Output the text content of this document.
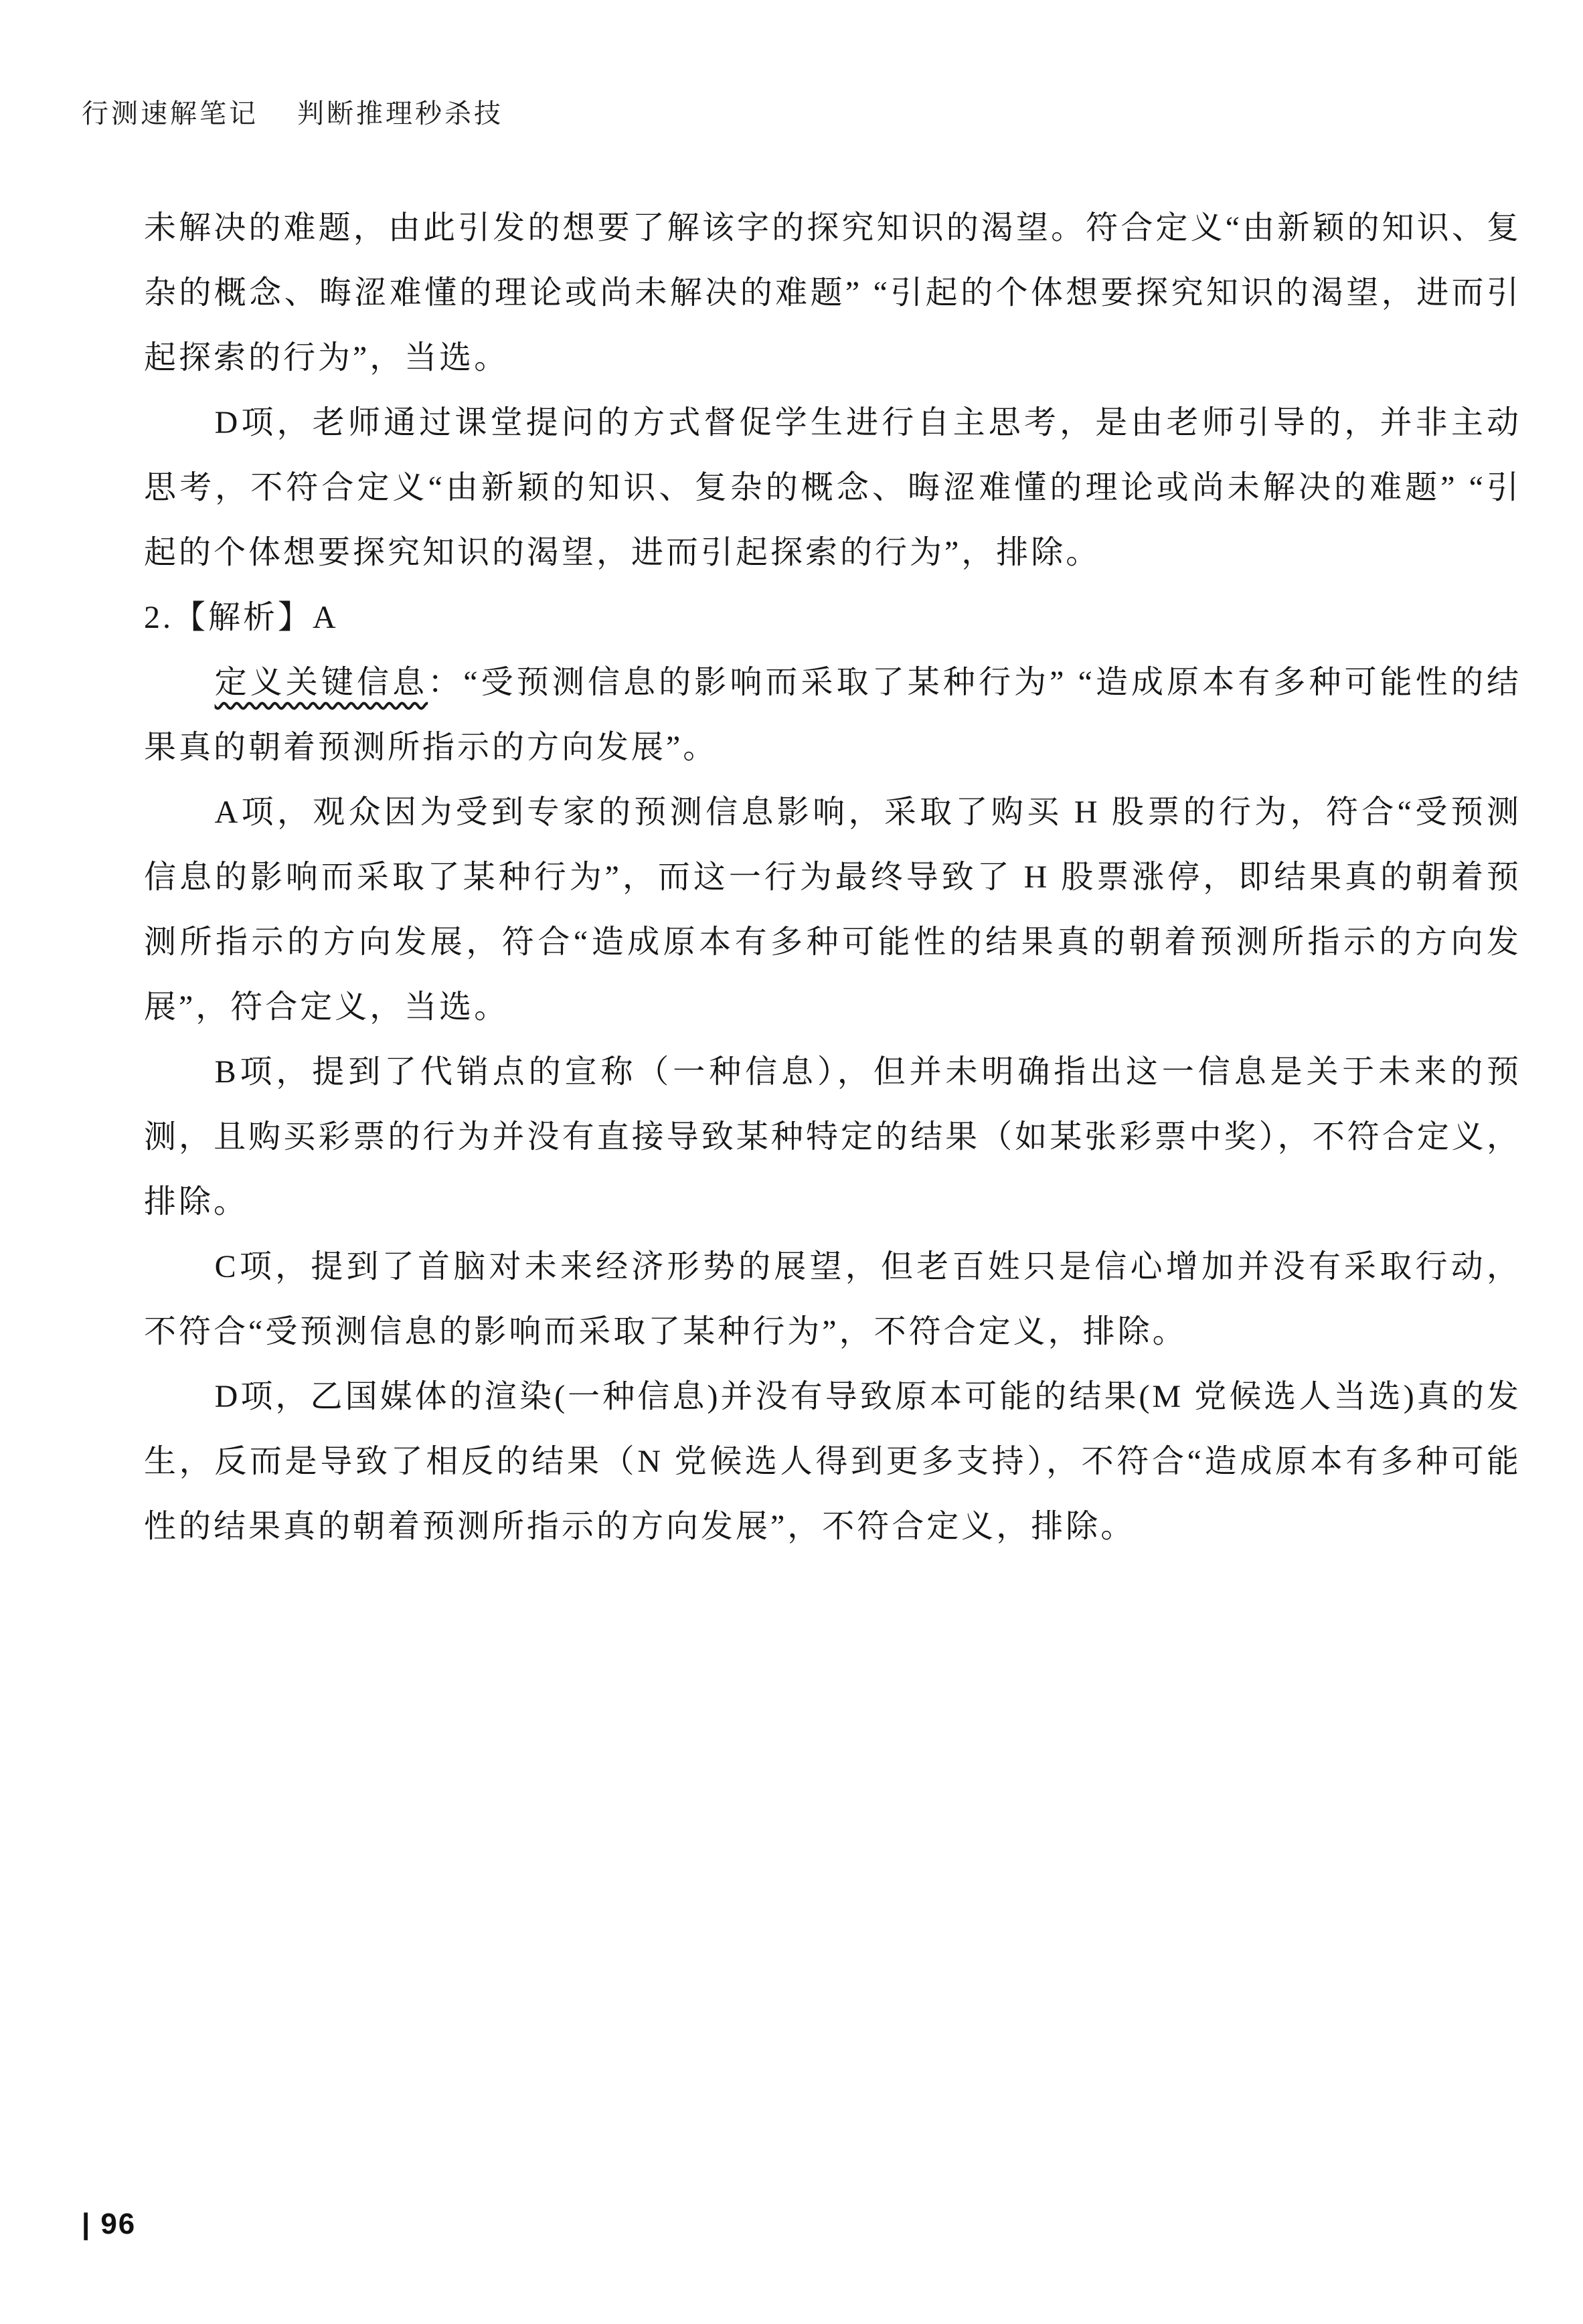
行测速解笔记 判断推理秒杀技

未解决的难题，由此引发的想要了解该字的探究知识的渴望。符合定义“由新颖的知识、复杂的概念、晦涩难懂的理论或尚未解决的难题” “引起的个体想要探究知识的渴望，进而引起探索的行为”，当选。

D项，老师通过课堂提问的方式督促学生进行自主思考，是由老师引导的，并非主动思考，不符合定义“由新颖的知识、复杂的概念、晦涩难懂的理论或尚未解决的难题” “引起的个体想要探究知识的渴望，进而引起探索的行为”，排除。

2.【解析】A

定义关键信息：“受预测信息的影响而采取了某种行为” “造成原本有多种可能性的结果真的朝着预测所指示的方向发展”。

A项，观众因为受到专家的预测信息影响，采取了购买 H 股票的行为，符合“受预测信息的影响而采取了某种行为”，而这一行为最终导致了 H 股票涨停，即结果真的朝着预测所指示的方向发展，符合“造成原本有多种可能性的结果真的朝着预测所指示的方向发展”，符合定义，当选。

B项，提到了代销点的宣称（一种信息），但并未明确指出这一信息是关于未来的预测，且购买彩票的行为并没有直接导致某种特定的结果（如某张彩票中奖），不符合定义，排除。

C项，提到了首脑对未来经济形势的展望，但老百姓只是信心增加并没有采取行动，不符合“受预测信息的影响而采取了某种行为”，不符合定义，排除。

D项，乙国媒体的渲染(一种信息)并没有导致原本可能的结果(M 党候选人当选)真的发生，反而是导致了相反的结果（N 党候选人得到更多支持），不符合“造成原本有多种可能性的结果真的朝着预测所指示的方向发展”，不符合定义，排除。

| 96
